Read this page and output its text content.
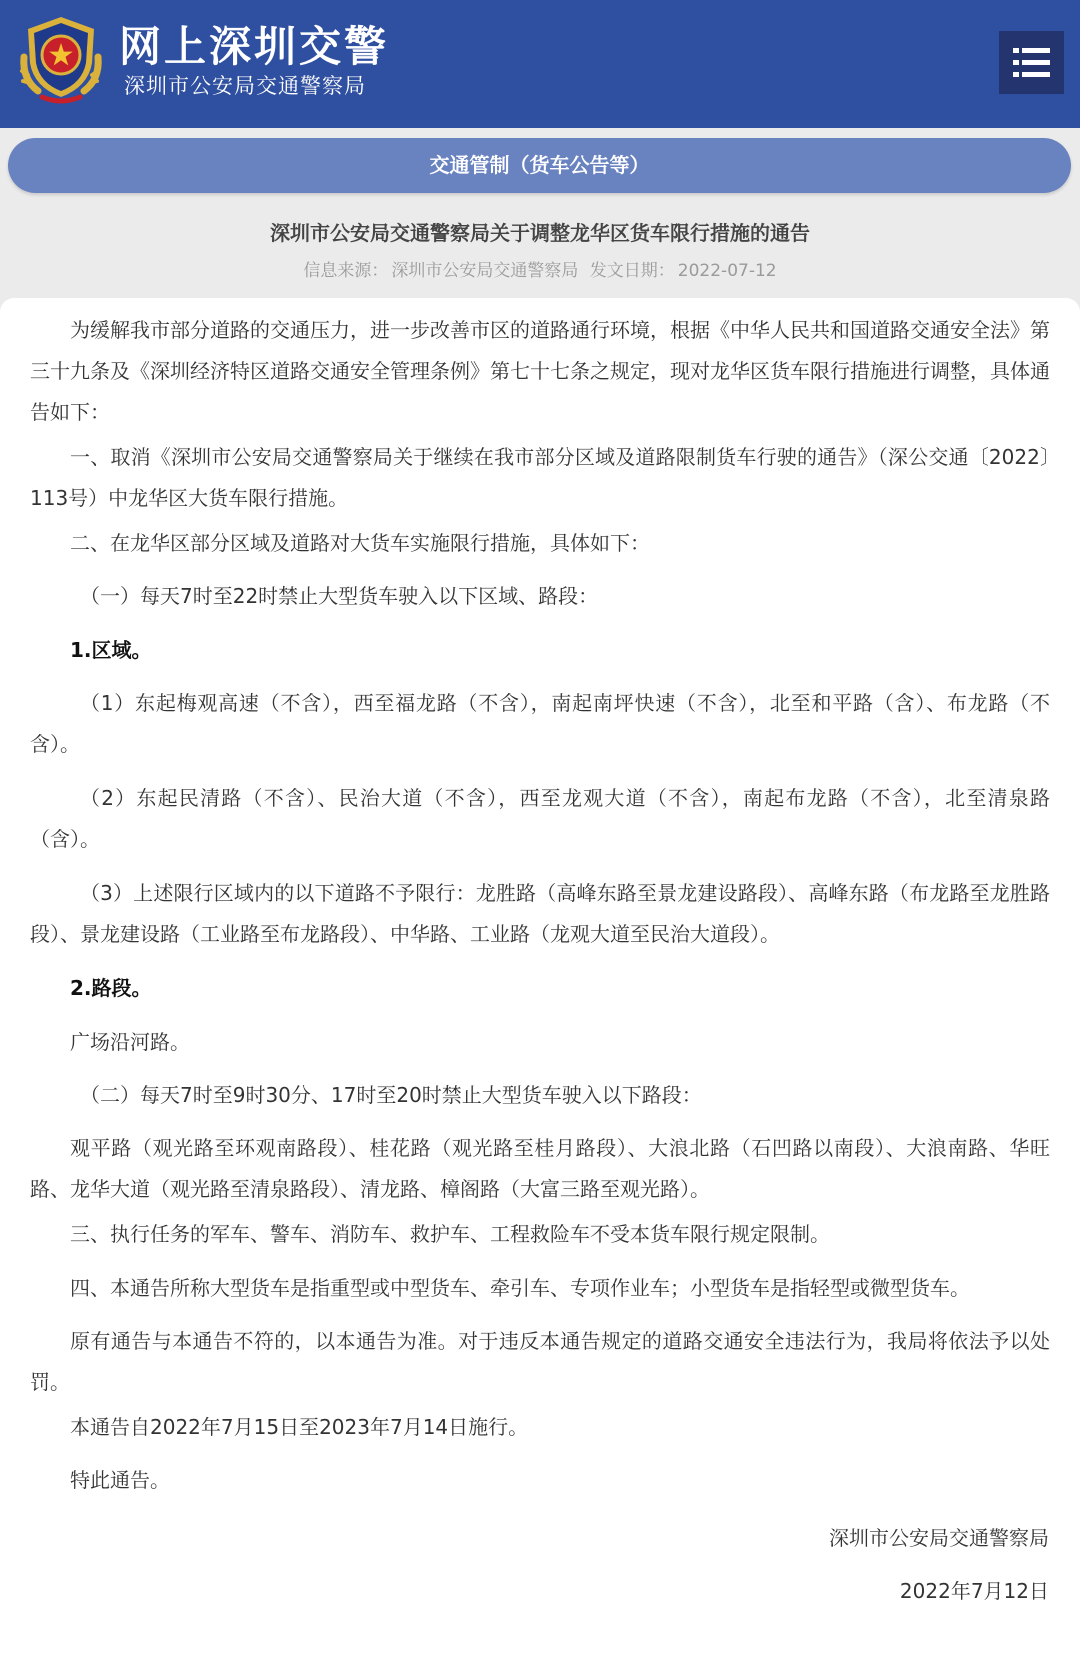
网上深圳交警
深圳市公安局交通警察局
交通管制（货车公告等）
深圳市公安局交通警察局关于调整龙华区货车限行措施的通告
信息来源： 深圳市公安局交通警察局 发文日期： 2022-07-12
为缓解我市部分道路的交通压力，进一步改善市区的道路通行环境，根据《中华人民共和国道路交通安全法》第三十九条及《深圳经济特区道路交通安全管理条例》第七十七条之规定，现对龙华区货车限行措施进行调整，具体通告如下：
一、取消《深圳市公安局交通警察局关于继续在我市部分区域及道路限制货车行驶的通告》（深公交通〔2022〕113号）中龙华区大货车限行措施。
二、在龙华区部分区域及道路对大货车实施限行措施，具体如下：
（一）每天7时至22时禁止大型货车驶入以下区域、路段：
1.区域。
（1）东起梅观高速（不含），西至福龙路（不含），南起南坪快速（不含），北至和平路（含）、布龙路（不含）。
（2）东起民清路（不含）、民治大道（不含），西至龙观大道（不含），南起布龙路（不含），北至清泉路（含）。
（3）上述限行区域内的以下道路不予限行：龙胜路（高峰东路至景龙建设路段）、高峰东路（布龙路至龙胜路段）、景龙建设路（工业路至布龙路段）、中华路、工业路（龙观大道至民治大道段）。
2.路段。
广场沿河路。
（二）每天7时至9时30分、17时至20时禁止大型货车驶入以下路段：
观平路（观光路至环观南路段）、桂花路（观光路至桂月路段）、大浪北路（石凹路以南段）、大浪南路、华旺路、龙华大道（观光路至清泉路段）、清龙路、樟阁路（大富三路至观光路）。
三、执行任务的军车、警车、消防车、救护车、工程救险车不受本货车限行规定限制。
四、本通告所称大型货车是指重型或中型货车、牵引车、专项作业车；小型货车是指轻型或微型货车。
原有通告与本通告不符的，以本通告为准。对于违反本通告规定的道路交通安全违法行为，我局将依法予以处罚。
本通告自2022年7月15日至2023年7月14日施行。
特此通告。
深圳市公安局交通警察局
2022年7月12日
